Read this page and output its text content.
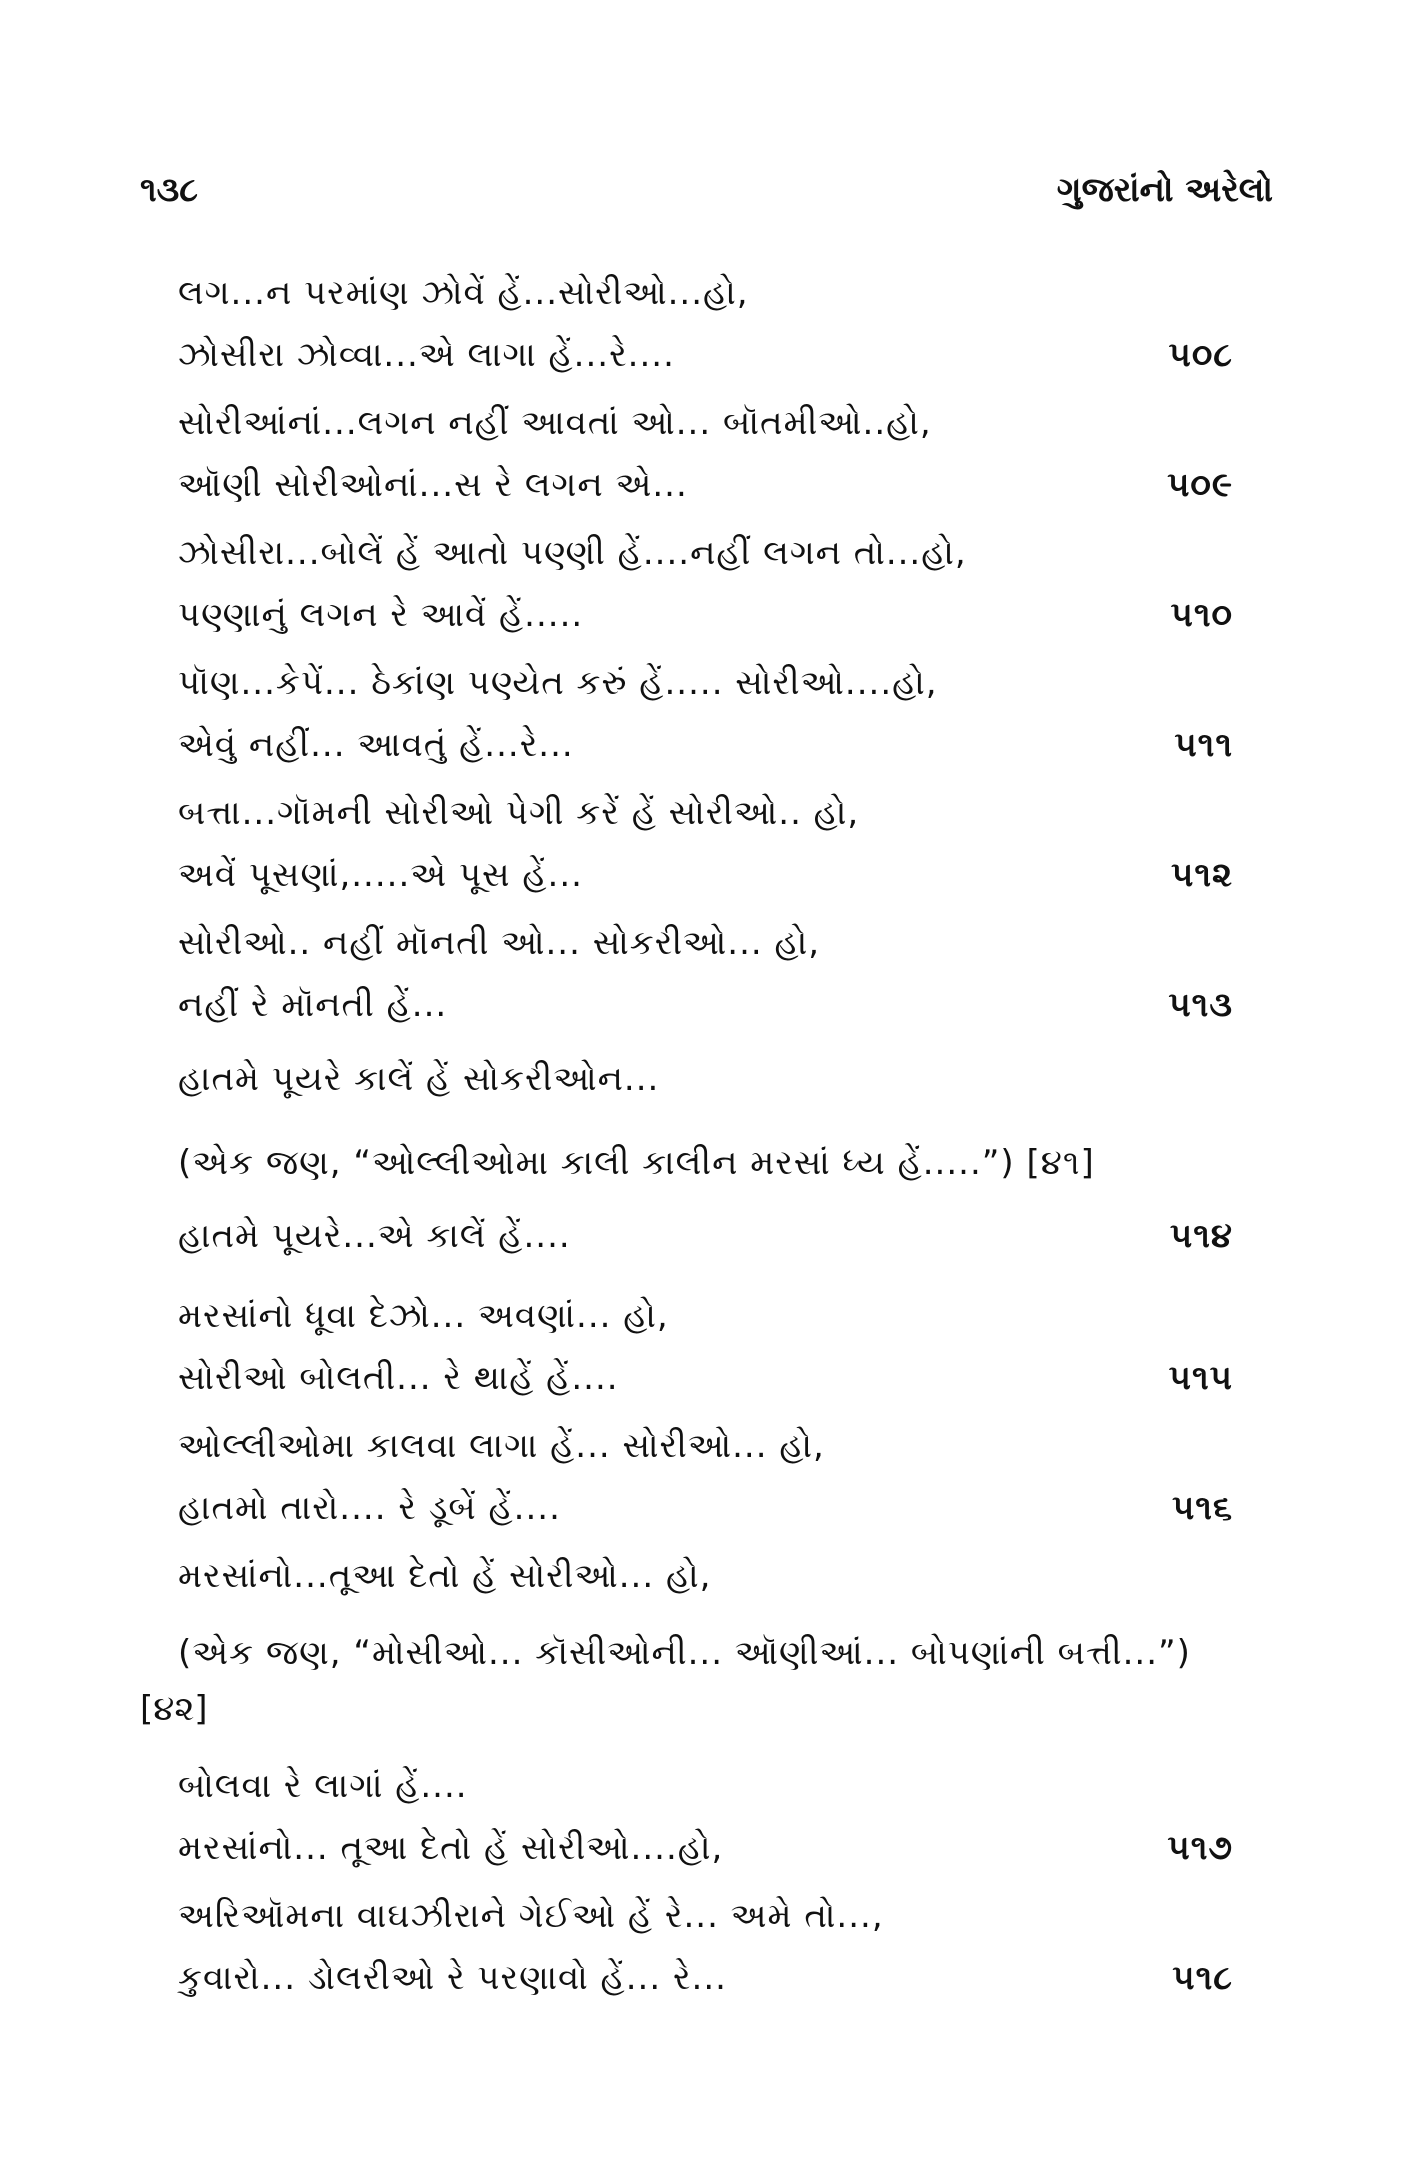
૧૩૮	ગુજરાંનો અરેલો
લગ...ન પરમાંણ ઝોવેં હેં...સોરીઓ...હો,
ઝોસીરા ઝોવ્વા...એ લાગા હેં...રે....	૫૦૮
સોરીઆંનાં...લગન નહીં આવતાં ઓ... બૉતમીઓ..હો,
ઑણી સોરીઓનાં...સ રે લગન એ...	૫૦૯
ઝોસીરા...બોલેં હેં આતો પણ્ણી હેં....નહીં લગન તો...હો,
પણ્ણાનું લગન રે આવેં હેં.....	૫૧૦
પૉણ...કેપેં... ઠેકાંણ પણ્યેત કરું હેં..... સોરીઓ....હો,
એવું નહીં... આવતું હેં...રે...	૫૧૧
બત્તા...ગૉમની સોરીઓ પેગી કરેં હેં સોરીઓ.. હો,
અવેં પૂસણાં,.....એ પૂસ હેં...	૫૧૨
સોરીઓ.. નહીં મૉનતી ઓ... સોકરીઓ... હો,
નહીં રે મૉનતી હેં...	૫૧૩
હાતમે પૂયરે કાલેં હેં સોકરીઓન...
(એક જણ, “ઓલ્લીઓમા કાલી કાલીન મરસાં ધ્ય હેં.....”) [૪૧]
હાતમે પૂયરે...એ કાલેં હેં....	૫૧૪
મરસાંનો ધૂવા દેઝો... અવણાં... હો,
સોરીઓ બોલતી... રે થાહેં હેં....	૫૧૫
ઓલ્લીઓમા કાલવા લાગા હેં... સોરીઓ... હો,
હાતમો તારો.... રે ડૂબેં હેં....	૫૧૬
મરસાંનો...તૂઆ દેતો હેં સોરીઓ... હો,
(એક જણ, “મોસીઓ... કૉસીઓની... ઑણીઆં... બોપણાંની બત્તી...”)
[૪૨]
બોલવા રે લાગાં હેં....
મરસાંનો... તૂઆ દેતો હેં સોરીઓ....હો,	૫૧૭
અરિઑમના વાઘઝીરાને ગેઈઓ હેં રે... અમે તો...,
કુવારો... ડોલરીઓ રે પરણાવો હેં... રે...	૫૧૮
